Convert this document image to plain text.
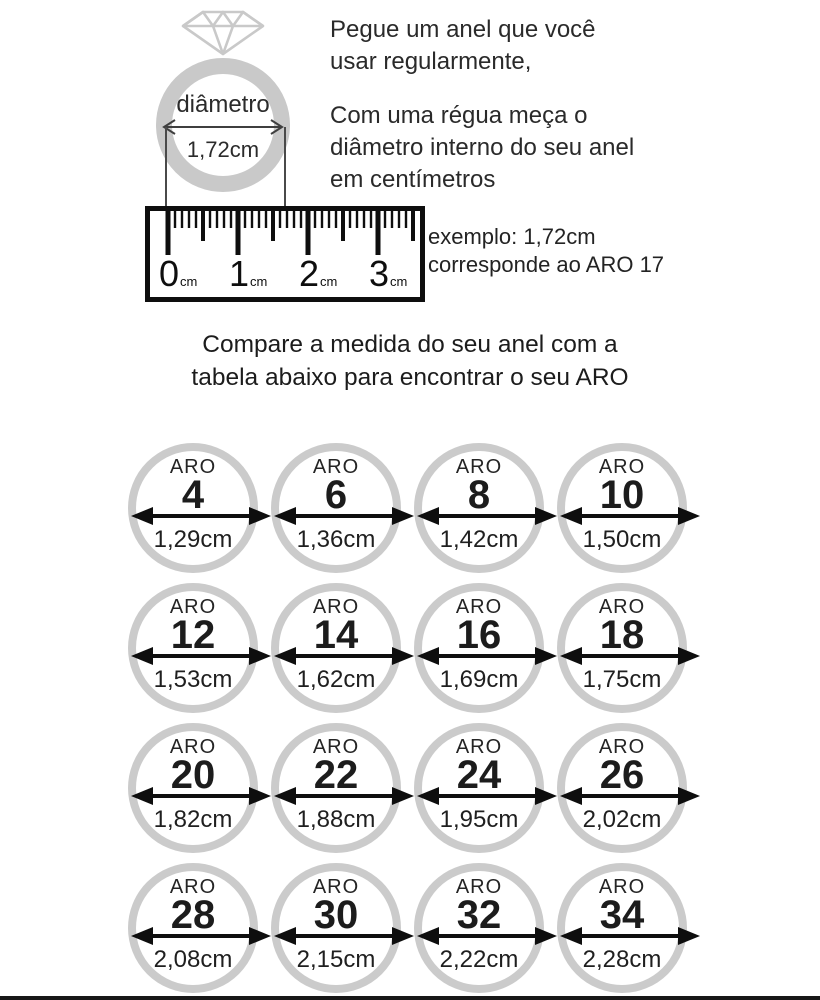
diâmetro
1,72cm
Pegue um anel que você
usar regularmente,
Com uma régua meça o
diâmetro interno do seu anel
em centímetros
0 cm 1 cm 2 cm 3 cm
exemplo: 1,72cm
corresponde ao ARO 17
Compare a medida do seu anel com a
tabela abaixo para encontrar o seu ARO
ARO
4
1,29cm
ARO
6
1,36cm
ARO
8
1,42cm
ARO
10
1,50cm
ARO
12
1,53cm
ARO
14
1,62cm
ARO
16
1,69cm
ARO
18
1,75cm
ARO
20
1,82cm
ARO
22
1,88cm
ARO
24
1,95cm
ARO
26
2,02cm
ARO
28
2,08cm
ARO
30
2,15cm
ARO
32
2,22cm
ARO
34
2,28cm
